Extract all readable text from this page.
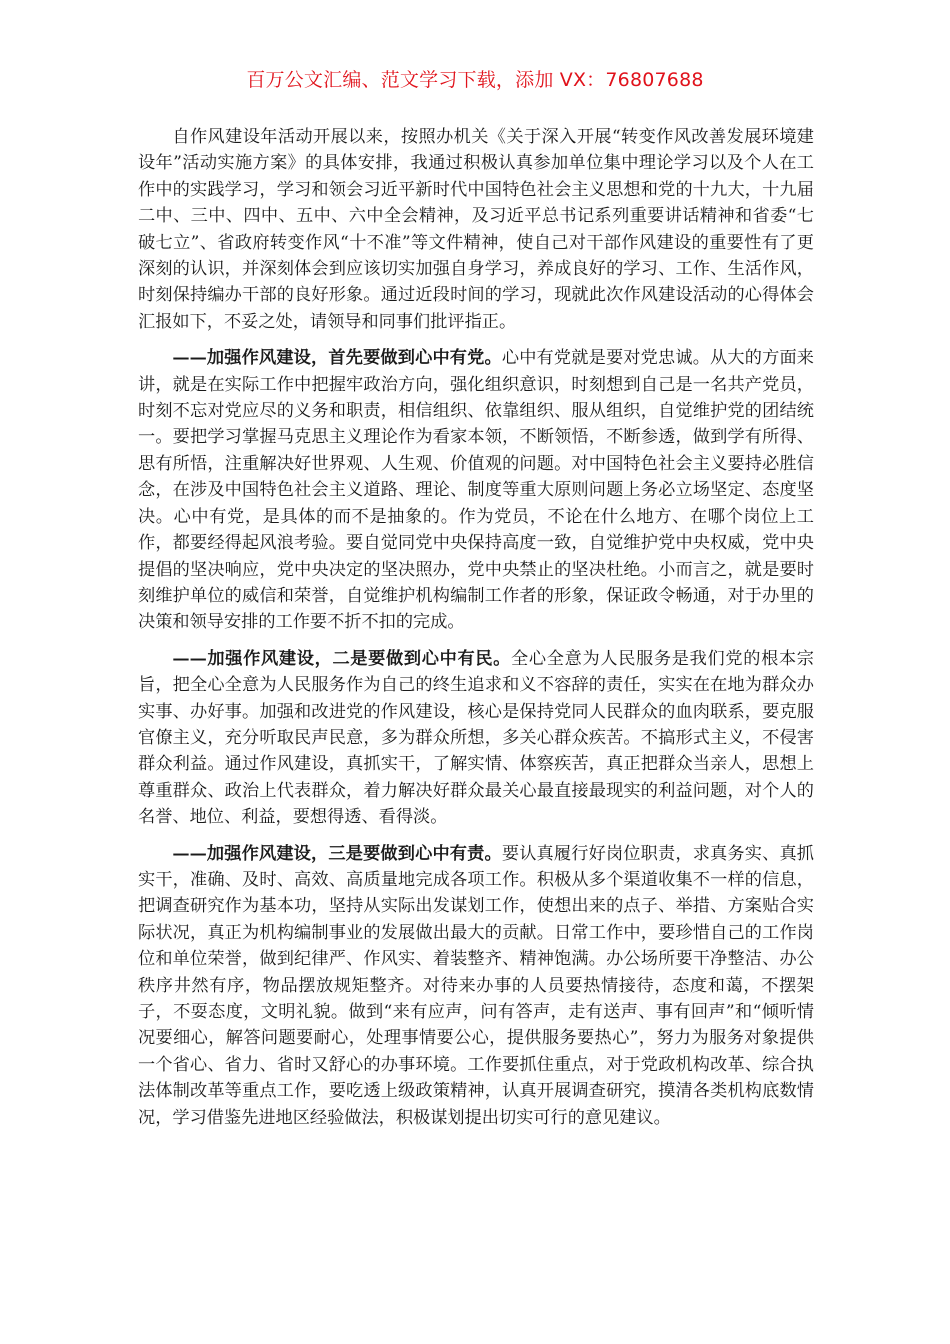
百万公文汇编、范文学习下载，添加 VX：76807688

自作风建设年活动开展以来，按照办机关《关于深入开展“转变作风改善发展环境建设年”活动实施方案》的具体安排，我通过积极认真参加单位集中理论学习以及个人在工作中的实践学习，学习和领会习近平新时代中国特色社会主义思想和党的十九大，十九届二中、三中、四中、五中、六中全会精神，及习近平总书记系列重要讲话精神和省委“七破七立”、省政府转变作风“十不准”等文件精神，使自己对干部作风建设的重要性有了更深刻的认识，并深刻体会到应该切实加强自身学习，养成良好的学习、工作、生活作风，时刻保持编办干部的良好形象。通过近段时间的学习，现就此次作风建设活动的心得体会汇报如下，不妥之处，请领导和同事们批评指正。

——加强作风建设，首先要做到心中有党。心中有党就是要对党忠诚。从大的方面来讲，就是在实际工作中把握牢政治方向，强化组织意识，时刻想到自己是一名共产党员，时刻不忘对党应尽的义务和职责，相信组织、依靠组织、服从组织，自觉维护党的团结统一。要把学习掌握马克思主义理论作为看家本领，不断领悟，不断参透，做到学有所得、思有所悟，注重解决好世界观、人生观、价值观的问题。对中国特色社会主义要持必胜信念，在涉及中国特色社会主义道路、理论、制度等重大原则问题上务必立场坚定、态度坚决。心中有党，是具体的而不是抽象的。作为党员，不论在什么地方、在哪个岗位上工作，都要经得起风浪考验。要自觉同党中央保持高度一致，自觉维护党中央权威，党中央提倡的坚决响应，党中央决定的坚决照办，党中央禁止的坚决杜绝。小而言之，就是要时刻维护单位的威信和荣誉，自觉维护机构编制工作者的形象，保证政令畅通，对于办里的决策和领导安排的工作要不折不扣的完成。

——加强作风建设，二是要做到心中有民。全心全意为人民服务是我们党的根本宗旨，把全心全意为人民服务作为自己的终生追求和义不容辞的责任，实实在在地为群众办实事、办好事。加强和改进党的作风建设，核心是保持党同人民群众的血肉联系，要克服官僚主义，充分听取民声民意，多为群众所想，多关心群众疾苦。不搞形式主义，不侵害群众利益。通过作风建设，真抓实干，了解实情、体察疾苦，真正把群众当亲人，思想上尊重群众、政治上代表群众，着力解决好群众最关心最直接最现实的利益问题，对个人的名誉、地位、利益，要想得透、看得淡。

——加强作风建设，三是要做到心中有责。要认真履行好岗位职责，求真务实、真抓实干，准确、及时、高效、高质量地完成各项工作。积极从多个渠道收集不一样的信息，把调查研究作为基本功，坚持从实际出发谋划工作，使想出来的点子、举措、方案贴合实际状况，真正为机构编制事业的发展做出最大的贡献。日常工作中，要珍惜自己的工作岗位和单位荣誉，做到纪律严、作风实、着装整齐、精神饱满。办公场所要干净整洁、办公秩序井然有序，物品摆放规矩整齐。对待来办事的人员要热情接待，态度和蔼，不摆架子，不耍态度，文明礼貌。做到“来有应声，问有答声，走有送声、事有回声”和“倾听情况要细心，解答问题要耐心，处理事情要公心，提供服务要热心”，努力为服务对象提供一个省心、省力、省时又舒心的办事环境。工作要抓住重点，对于党政机构改革、综合执法体制改革等重点工作，要吃透上级政策精神，认真开展调查研究，摸清各类机构底数情况，学习借鉴先进地区经验做法，积极谋划提出切实可行的意见建议。
